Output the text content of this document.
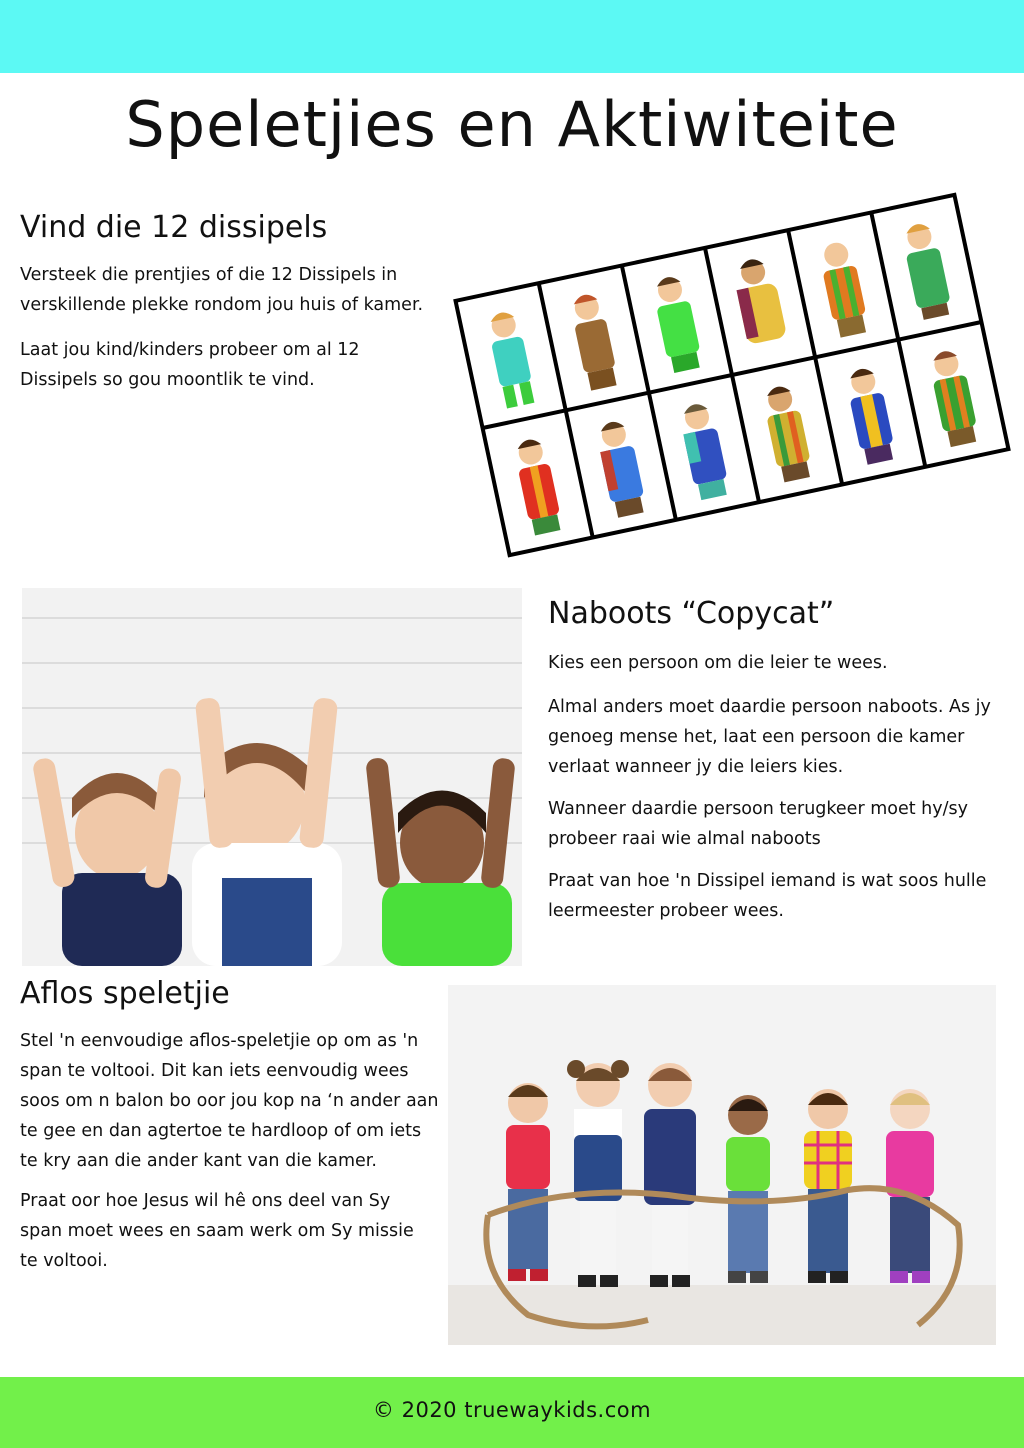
Speletjies en Aktiwiteite
Vind die 12 dissipels

Versteek die prentjies of die 12 Dissipels in verskillende plekke rondom jou huis of kamer.

Laat jou kind/kinders probeer om al 12 Dissipels so gou moontlik te vind.

Naboots “Copycat”

Kies een persoon om die leier te wees.

Almal anders moet daardie persoon naboots. As jy genoeg mense het, laat een persoon die kamer verlaat wanneer jy die leiers kies.

Wanneer daardie persoon terugkeer moet hy/sy probeer raai wie almal naboots

Praat van hoe 'n Dissipel iemand is wat soos hulle leermeester probeer wees.

Aflos speletjie

Stel 'n eenvoudige aflos-speletjie op om as 'n span te voltooi. Dit kan iets eenvoudig wees soos om n balon bo oor jou kop na ‘n ander aan te gee en dan agtertoe te hardloop of om iets te kry aan die ander kant van die kamer.

Praat oor hoe Jesus wil hê ons deel van Sy span moet wees en saam werk om Sy missie te voltooi.

© 2020 truewaykids.com
